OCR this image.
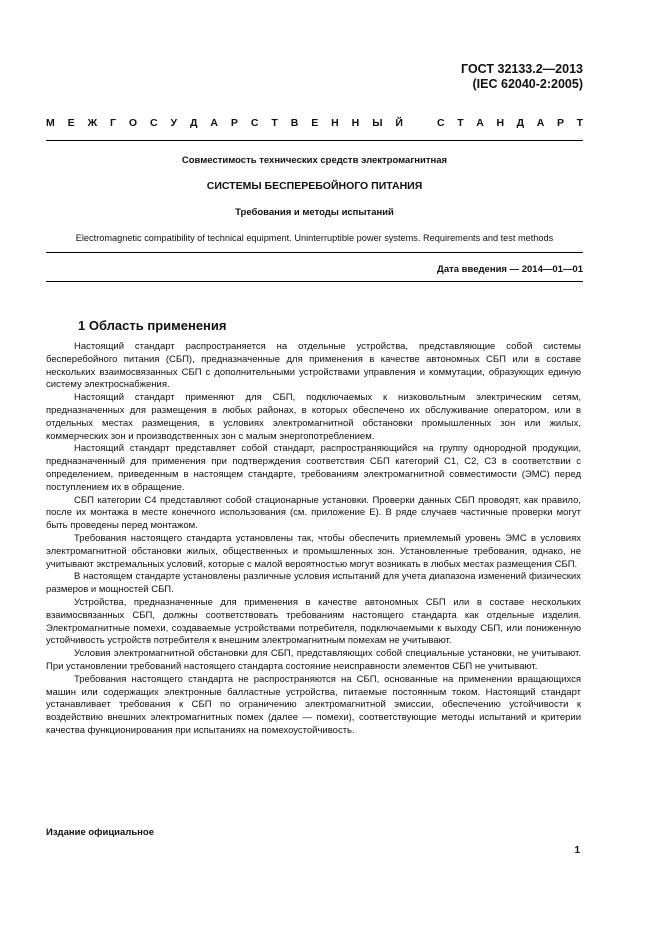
ГОСТ 32133.2—2013
(IEC 62040-2:2005)
М Е Ж Г О С У Д А Р С Т В Е Н Н Ы Й	С Т А Н Д А Р Т
Совместимость технических средств электромагнитная
СИСТЕМЫ БЕСПЕРЕБОЙНОГО ПИТАНИЯ
Требования и методы испытаний
Electromagnetic compatibility of technical equipment. Uninterruptible power systems. Requirements and test methods
Дата введения — 2014—01—01
1 Область применения

Настоящий стандарт распространяется на отдельные устройства, представляющие собой системы бесперебойного питания (СБП), предназначенные для применения в качестве автономных СБП или в составе нескольких взаимосвязанных СБП с дополнительными устройствами управления и коммутации, образующих единую систему электроснабжения.

Настоящий стандарт применяют для СБП, подключаемых к низковольтным электрическим сетям, предназначенных для размещения в любых районах, в которых обеспечено их обслуживание оператором, или в отдельных местах размещения, в условиях электромагнитной обстановки промышленных зон или жилых, коммерческих зон и производственных зон с малым энергопотреблением.

Настоящий стандарт представляет собой стандарт, распространяющийся на группу однородной продукции, предназначенный для применения при подтверждения соответствия СБП категорий С1, С2, С3 в соответствии с определением, приведенным в настоящем стандарте, требованиям электромагнитной совместимости (ЭМС) перед поступлением их в обращение.

СБП категории С4 представляют собой стационарные установки. Проверки данных СБП проводят, как правило, после их монтажа в месте конечного использования (см. приложение Е). В ряде случаев частичные проверки могут быть проведены перед монтажом.

Требования настоящего стандарта установлены так, чтобы обеспечить приемлемый уровень ЭМС в условиях электромагнитной обстановки жилых, общественных и промышленных зон. Установленные требования, однако, не учитывают экстремальных условий, которые с малой вероятностью могут возникать в любых местах размещения СБП.

В настоящем стандарте установлены различные условия испытаний для учета диапазона изменений физических размеров и мощностей СБП.

Устройства, предназначенные для применения в качестве автономных СБП или в составе нескольких взаимосвязанных СБП, должны соответствовать требованиям настоящего стандарта как отдельные изделия. Электромагнитные помехи, создаваемые устройствами потребителя, подключаемыми к выходу СБП, или пониженную устойчивость устройств потребителя к внешним электромагнитным помехам не учитывают.

Условия электромагнитной обстановки для СБП, представляющих собой специальные установки, не учитывают. При установлении требований настоящего стандарта состояние неисправности элементов СБП не учитывают.

Требования настоящего стандарта не распространяются на СБП, основанные на применении вращающихся машин или содержащих электронные балластные устройства, питаемые постоянным током. Настоящий стандарт устанавливает требования к СБП по ограничению электромагнитной эмиссии, обеспечению устойчивости к воздействию внешних электромагнитных помех (далее — помехи), соответствующие методы испытаний и критерии качества функционирования при испытаниях на помехоустойчивость.

Издание официальное
1
